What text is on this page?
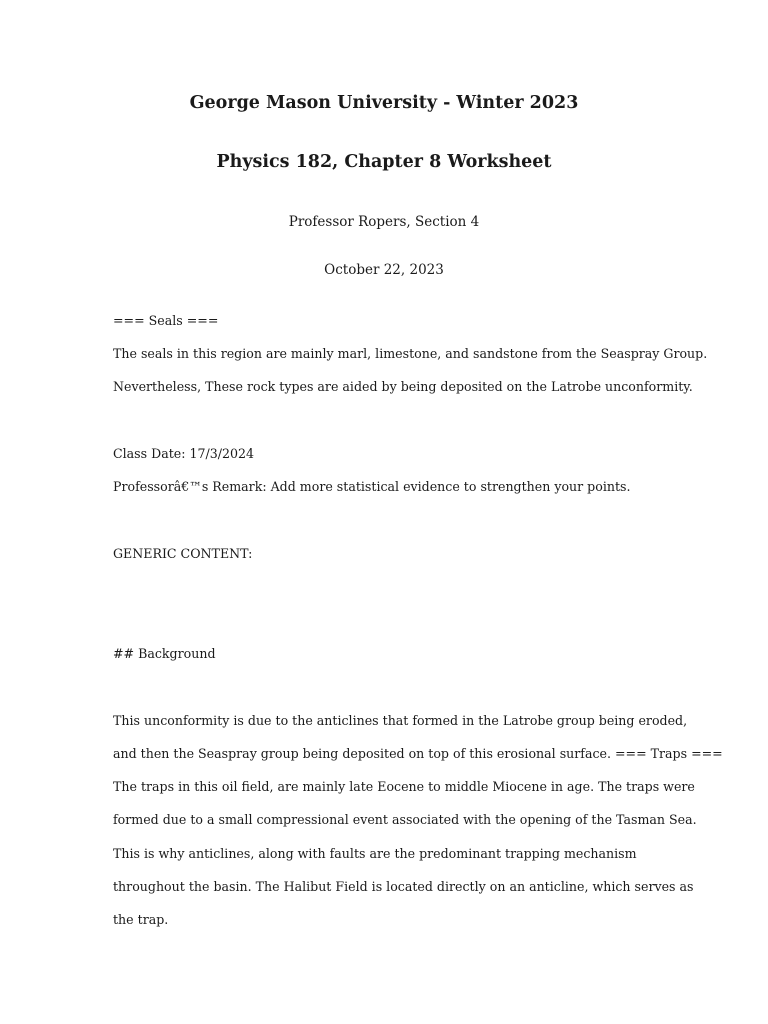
George Mason University - Winter 2023
Physics 182, Chapter 8 Worksheet
Professor Ropers, Section 4
October 22, 2023
=== Seals ===
The seals in this region are mainly marl, limestone, and sandstone from the Seaspray Group.
Nevertheless, These rock types are aided by being deposited on the Latrobe unconformity.
Class Date: 17/3/2024
Professorâ€™s Remark: Add more statistical evidence to strengthen your points.
GENERIC CONTENT:
## Background
This unconformity is due to the anticlines that formed in the Latrobe group being eroded,
and then the Seaspray group being deposited on top of this erosional surface. === Traps ===
The traps in this oil field, are mainly late Eocene to middle Miocene in age. The traps were
formed due to a small compressional event associated with the opening of the Tasman Sea.
This is why anticlines, along with faults are the predominant trapping mechanism
throughout the basin. The Halibut Field is located directly on an anticline, which serves as
the trap.
